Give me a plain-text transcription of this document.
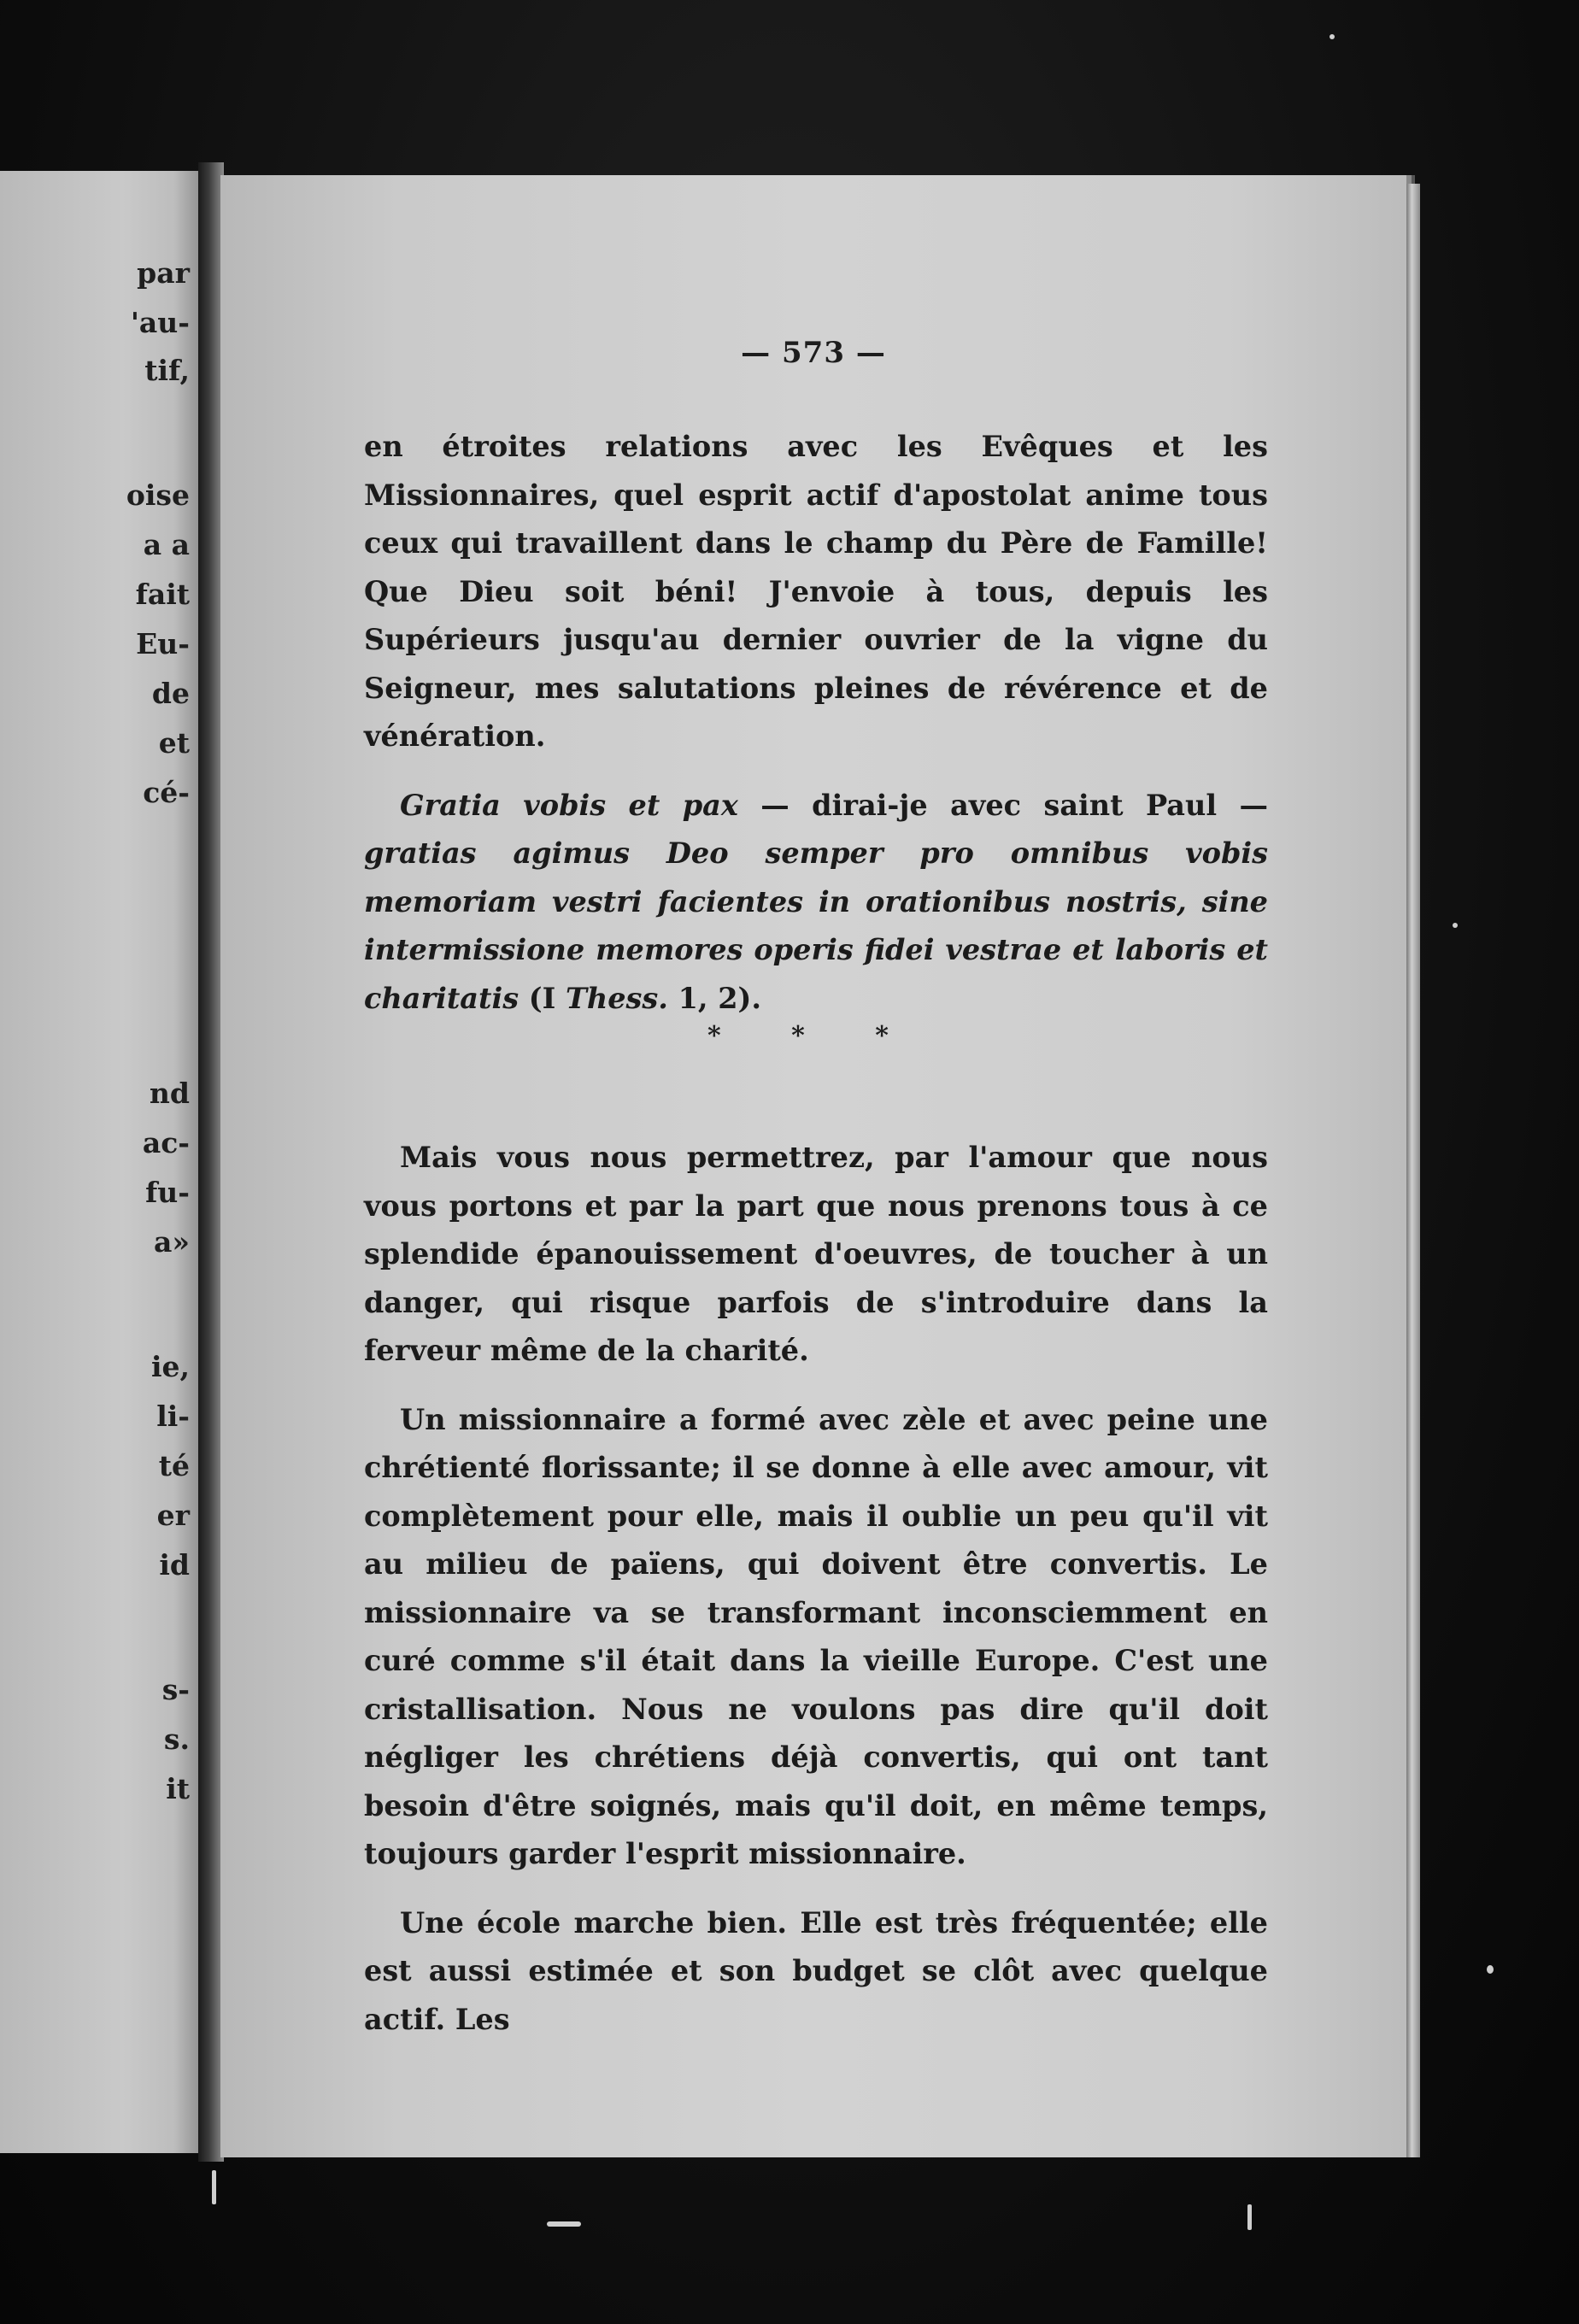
par
'au-
tif,
oise
a a
fait
Eu-
de
et
cé-
nd
ac-
fu-
a»
ie,
li-
té
er
id
s-
s.
it
— 573 —

en étroites relations avec les Evêques et les Missionnaires, quel esprit actif d'apostolat anime tous ceux qui travaillent dans le champ du Père de Famille! Que Dieu soit béni! J'envoie à tous, depuis les Supérieurs jusqu'au dernier ouvrier de la vigne du Seigneur, mes salutations pleines de révérence et de vénération.

Gratia vobis et pax — dirai-je avec saint Paul — gratias agimus Deo semper pro omnibus vobis memoriam vestri facientes in orationibus nostris, sine intermissione memores operis fidei vestrae et laboris et charitatis (I Thess. 1, 2).

* * *

Mais vous nous permettrez, par l'amour que nous vous portons et par la part que nous prenons tous à ce splendide épanouissement d'oeuvres, de toucher à un danger, qui risque parfois de s'introduire dans la ferveur même de la charité.

Un missionnaire a formé avec zèle et avec peine une chrétienté florissante; il se donne à elle avec amour, vit complètement pour elle, mais il oublie un peu qu'il vit au milieu de païens, qui doivent être convertis. Le missionnaire va se transformant inconsciemment en curé comme s'il était dans la vieille Europe. C'est une cristallisation. Nous ne voulons pas dire qu'il doit négliger les chrétiens déjà convertis, qui ont tant besoin d'être soignés, mais qu'il doit, en même temps, toujours garder l'esprit missionnaire.

Une école marche bien. Elle est très fréquentée; elle est aussi estimée et son budget se clôt avec quelque actif. Les
